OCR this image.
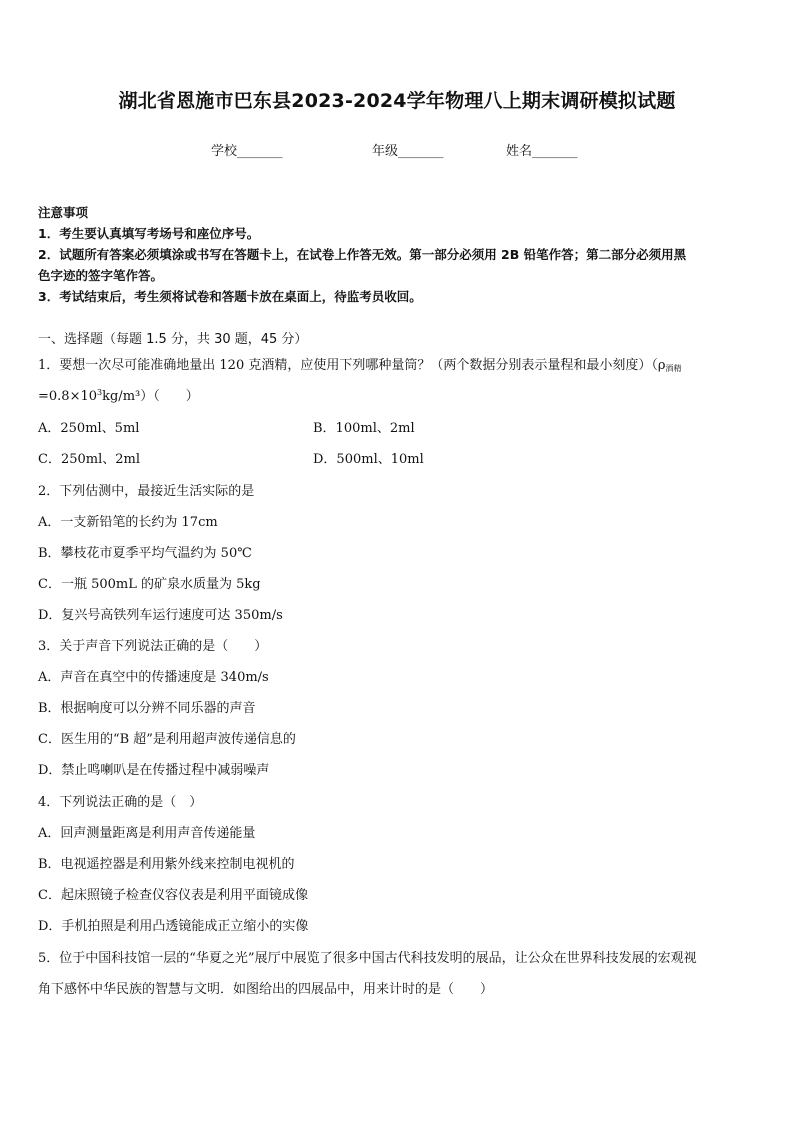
湖北省恩施市巴东县2023-2024学年物理八上期末调研模拟试题
学校_______	年级_______	姓名_______
注意事项
1．考生要认真填写考场号和座位序号。
2．试题所有答案必须填涂或书写在答题卡上，在试卷上作答无效。第一部分必须用 2B 铅笔作答；第二部分必须用黑
色字迹的签字笔作答。
3．考试结束后，考生须将试卷和答题卡放在桌面上，待监考员收回。
一、选择题（每题 1.5 分，共 30 题，45 分）
1．要想一次尽可能准确地量出 120 克酒精，应使用下列哪种量筒？（两个数据分别表示量程和最小刻度）（$\rho_{酒精}$
$=0.8\times 10^3kg/m^3$）（　　）
A．250ml、5ml	B．100ml、2ml
C．250ml、2ml	D．500ml、10ml
2．下列估测中，最接近生活实际的是
A．一支新铅笔的长约为 17cm
B．攀枝花市夏季平均气温约为 50℃
C．一瓶 500mL 的矿泉水质量为 5kg
D．复兴号高铁列车运行速度可达 350m/s
3．关于声音下列说法正确的是（　　）
A．声音在真空中的传播速度是 340m/s
B．根据响度可以分辨不同乐器的声音
C．医生用的“B 超”是利用超声波传递信息的
D．禁止鸣喇叭是在传播过程中减弱噪声
4．下列说法正确的是（　）
A．回声测量距离是利用声音传递能量
B．电视遥控器是利用紫外线来控制电视机的
C．起床照镜子检查仪容仪表是利用平面镜成像
D．手机拍照是利用凸透镜能成正立缩小的实像
5．位于中国科技馆一层的“华夏之光”展厅中展览了很多中国古代科技发明的展品，让公众在世界科技发展的宏观视
角下感怀中华民族的智慧与文明．如图给出的四展品中，用来计时的是（　　）
